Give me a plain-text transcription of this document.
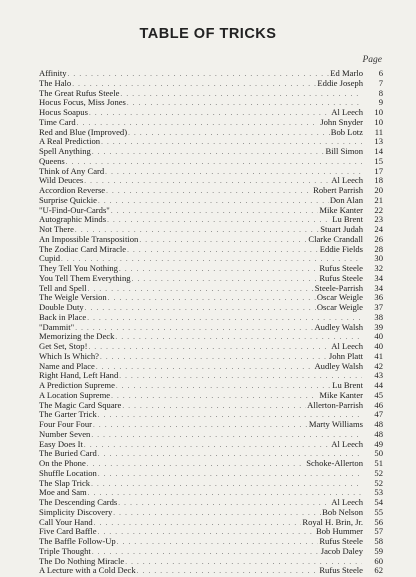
TABLE OF TRICKS
Page
Affinity . . .	Ed Marlo	6
The Halo . . .	Eddie Joseph	7
The Great Rufus Steele . . .	8
Hocus Focus, Miss Jones . . .	9
Hocus Soapus . . .	Al Leech	10
Time Card . . .	John Snyder	10
Red and Blue (Improved) . . .	Bob Lotz	11
A Real Prediction . . .	13
Spell Anything . . .	Bill Simon	14
Queens . . .	15
Think of Any Card . . .	17
Wild Deuces . . .	Al Leech	18
Accordion Reverse . . .	Robert Parrish	20
Surprise Quickie . . .	Don Alan	21
"U-Find-Our-Cards" . . .	Mike Kanter	22
Autographic Minds . . .	Lu Brent	23
Not There . . .	Stuart Judah	24
An Impossible Transposition . . .	Clarke Crandall	26
The Zodiac Card Miracle . . .	Eddie Fields	28
Cupid . . .	30
They Tell You Nothing . . .	Rufus Steele	32
You Tell Them Everything . . .	Rufus Steele	34
Tell and Spell . . .	Steele-Parrish	34
The Weigle Version . . .	Oscar Weigle	36
Double Duty . . .	Oscar Weigle	37
Back in Place . . .	38
"Dammit" . . .	Audley Walsh	39
Memorizing the Deck . . .	40
Get Set, Stop! . . .	Al Leech	40
Which Is Which? . . .	John Platt	41
Name and Place . . .	Audley Walsh	42
Right Hand, Left Hand . . .	43
A Prediction Supreme . . .	Lu Brent	44
A Location Supreme . . .	Mike Kanter	45
The Magic Card Square . . .	Allerton-Parrish	46
The Garter Trick . . .	47
Four Four Four . . .	Marty Williams	48
Number Seven . . .	48
Easy Does It . . .	Al Leech	49
The Buried Card . . .	50
On the Phone . . .	Schoke-Allerton	51
Shuffle Location . . .	52
The Slap Trick . . .	52
Moe and Sam . . .	53
The Descending Cards . . .	Al Leech	54
Simplicity Discovery . . .	Bob Nelson	55
Call Your Hand . . .	Royal H. Brin, Jr.	56
Five Card Baffle . . .	Bob Hummer	57
The Baffle Follow-Up . . .	Rufus Steele	58
Triple Thought . . .	Jacob Daley	59
The Do Nothing Miracle . . .	60
A Lecture with a Cold Deck . . .	Rufus Steele	62
